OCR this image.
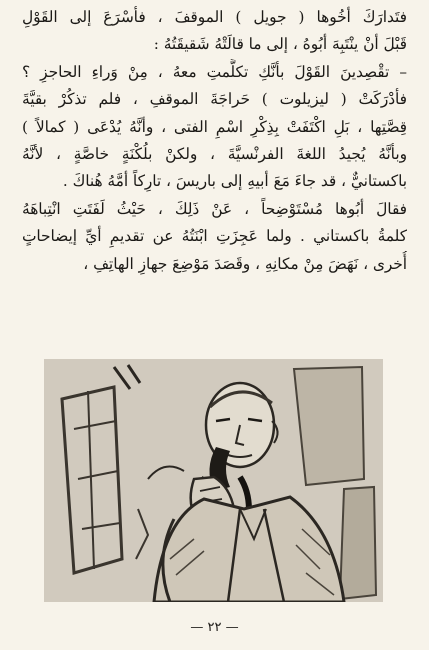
فتَدارَكَ أخُوها ( جويل ) الموقفَ ، فأسْرَعَ إلى القَوْلِ
قَبْلَ أنْ ينْتَبِهَ أبُوهُ ، إلى ما قالَتْهُ شَقيقَتُهُ :
– تقْصِدينَ القَوْلَ بأنَّكِ تكلَّمتِ معهُ ، مِنْ وَراءِ الحاجزِ ؟
فأدْرَكَتْ ( ليزيلوت ) حَراجَةَ الموقفِ ، فلم تذكُرْ بقيَّةَ
قِصَّتِها ، بَلِ اكْتَفَتْ بِذِكْرِ اسْمِ الفتى ، وأنَّهُ يُدْعَى ( كمالاً )
وبأنَّهُ يُجيدُ اللغةَ الفرنْسيَّةَ ، ولكنْ بلُكْنَةٍ خاصَّةٍ ، لأنَّهُ
باكستانيٌّ ، قد جاءَ مَعَ أبيهِ إلى باريسَ ، تارِكاً أمَّهُ هُناكَ .
فقالَ أبُوها مُسْتَوْضِحاً ، عَنْ ذَلِكَ ، حَيْثُ لَفَتَتِ انْتِباهَهُ
كلمةُ باكستاني . ولما عَجِزَتِ ابْنَتُهُ عن تقديمِ أيِّ إيضاحاتٍ
أُخرى ، نَهَضَ مِنْ مكانِهِ ، وقَصَدَ مَوْضِعَ جهازِ الهاتِفِ ،
— ٢٢ —
